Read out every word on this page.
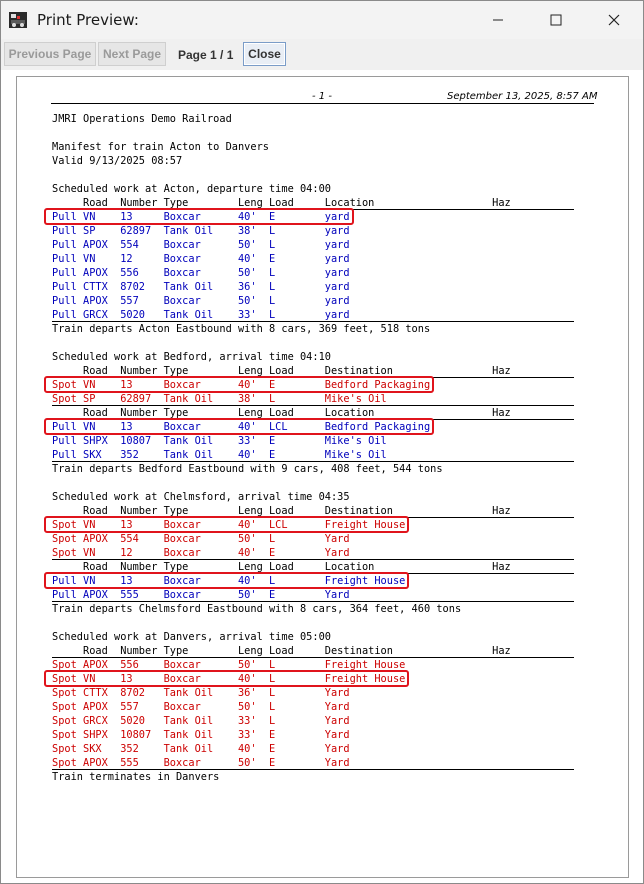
Print Preview:
Previous Page Next Page	Page 1 / 1	Close
- 1 -	September 13, 2025, 8:57 AM
JMRI Operations Demo Railroad
Manifest for train Acton to Danvers
Valid 9/13/2025 08:57
Scheduled work at Acton, departure time 04:00
Road  Number Type        Leng Load     Location                   Haz
Pull VN    13     Boxcar      40'  E        yard
Pull SP    62897  Tank Oil    38'  L        yard
Pull APOX  554    Boxcar      50'  L        yard
Pull VN    12     Boxcar      40'  E        yard
Pull APOX  556    Boxcar      50'  L        yard
Pull CTTX  8702   Tank Oil    36'  L        yard
Pull APOX  557    Boxcar      50'  L        yard
Pull GRCX  5020   Tank Oil    33'  L        yard
Train departs Acton Eastbound with 8 cars, 369 feet, 518 tons
Scheduled work at Bedford, arrival time 04:10
Road  Number Type        Leng Load     Destination                Haz
Spot VN    13     Boxcar      40'  E        Bedford Packaging
Spot SP    62897  Tank Oil    38'  L        Mike's Oil
Road  Number Type        Leng Load     Location                   Haz
Pull VN    13     Boxcar      40'  LCL      Bedford Packaging
Pull SHPX  10807  Tank Oil    33'  E        Mike's Oil
Pull SKX   352    Tank Oil    40'  E        Mike's Oil
Train departs Bedford Eastbound with 9 cars, 408 feet, 544 tons
Scheduled work at Chelmsford, arrival time 04:35
Road  Number Type        Leng Load     Destination                Haz
Spot VN    13     Boxcar      40'  LCL      Freight House
Spot APOX  554    Boxcar      50'  L        Yard
Spot VN    12     Boxcar      40'  E        Yard
Road  Number Type        Leng Load     Location                   Haz
Pull VN    13     Boxcar      40'  L        Freight House
Pull APOX  555    Boxcar      50'  E        Yard
Train departs Chelmsford Eastbound with 8 cars, 364 feet, 460 tons
Scheduled work at Danvers, arrival time 05:00
Road  Number Type        Leng Load     Destination                Haz
Spot APOX  556    Boxcar      50'  L        Freight House
Spot VN    13     Boxcar      40'  L        Freight House
Spot CTTX  8702   Tank Oil    36'  L        Yard
Spot APOX  557    Boxcar      50'  L        Yard
Spot GRCX  5020   Tank Oil    33'  L        Yard
Spot SHPX  10807  Tank Oil    33'  E        Yard
Spot SKX   352    Tank Oil    40'  E        Yard
Spot APOX  555    Boxcar      50'  E        Yard
Train terminates in Danvers
